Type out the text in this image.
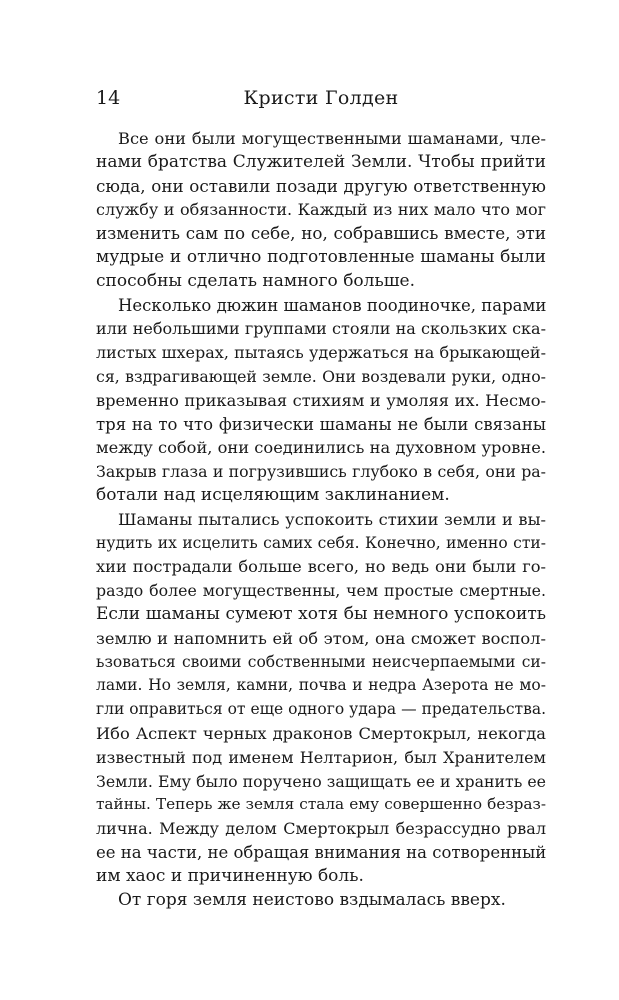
14	Кристи Голден
Все они были могущественными шаманами, чле-
нами братства Служителей Земли. Чтобы прийти
сюда, они оставили позади другую ответственную
службу и обязанности. Каждый из них мало что мог
изменить сам по себе, но, собравшись вместе, эти
мудрые и отлично подготовленные шаманы были
способны сделать намного больше.
Несколько дюжин шаманов поодиночке, парами
или небольшими группами стояли на скользких ска-
листых шхерах, пытаясь удержаться на брыкающей-
ся, вздрагивающей земле. Они воздевали руки, одно-
временно приказывая стихиям и умоляя их. Несмо-
тря на то что физически шаманы не были связаны
между собой, они соединились на духовном уровне.
Закрыв глаза и погрузившись глубоко в себя, они ра-
ботали над исцеляющим заклинанием.
Шаманы пытались успокоить стихии земли и вы-
нудить их исцелить самих себя. Конечно, именно сти-
хии пострадали больше всего, но ведь они были го-
раздо более могущественны, чем простые смертные.
Если шаманы сумеют хотя бы немного успокоить
землю и напомнить ей об этом, она сможет воспол-
ьзоваться своими собственными неисчерпаемыми си-
лами. Но земля, камни, почва и недра Азерота не мо-
гли оправиться от еще одного удара — предательства.
Ибо Аспект черных драконов Смертокрыл, некогда
известный под именем Нелтарион, был Хранителем
Земли. Ему было поручено защищать ее и хранить ее
тайны. Теперь же земля стала ему совершенно безраз-
лична. Между делом Смертокрыл безрассудно рвал
ее на части, не обращая внимания на сотворенный
им хаос и причиненную боль.
От горя земля неистово вздымалась вверх.
